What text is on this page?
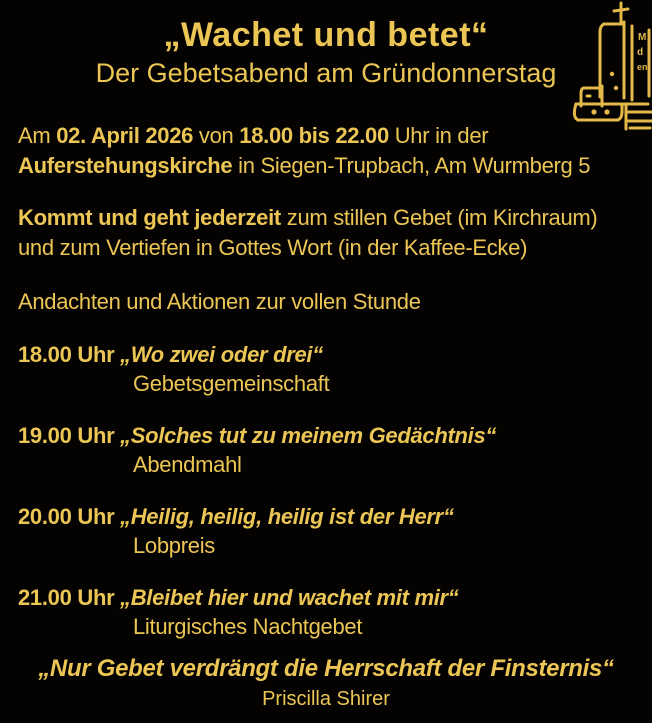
M
d
en
„Wachet und betet“
Der Gebetsabend am Gründonnerstag
Am 02. April 2026 von 18.00 bis 22.00 Uhr in der
Auferstehungskirche in Siegen-Trupbach, Am Wurmberg 5
Kommt und geht jederzeit zum stillen Gebet (im Kirchraum)
und zum Vertiefen in Gottes Wort (in der Kaffee-Ecke)
Andachten und Aktionen zur vollen Stunde
18.00 Uhr „Wo zwei oder drei“
Gebetsgemeinschaft
19.00 Uhr „Solches tut zu meinem Gedächtnis“
Abendmahl
20.00 Uhr „Heilig, heilig, heilig ist der Herr“
Lobpreis
21.00 Uhr „Bleibet hier und wachet mit mir“
Liturgisches Nachtgebet
„Nur Gebet verdrängt die Herrschaft der Finsternis“
Priscilla Shirer
